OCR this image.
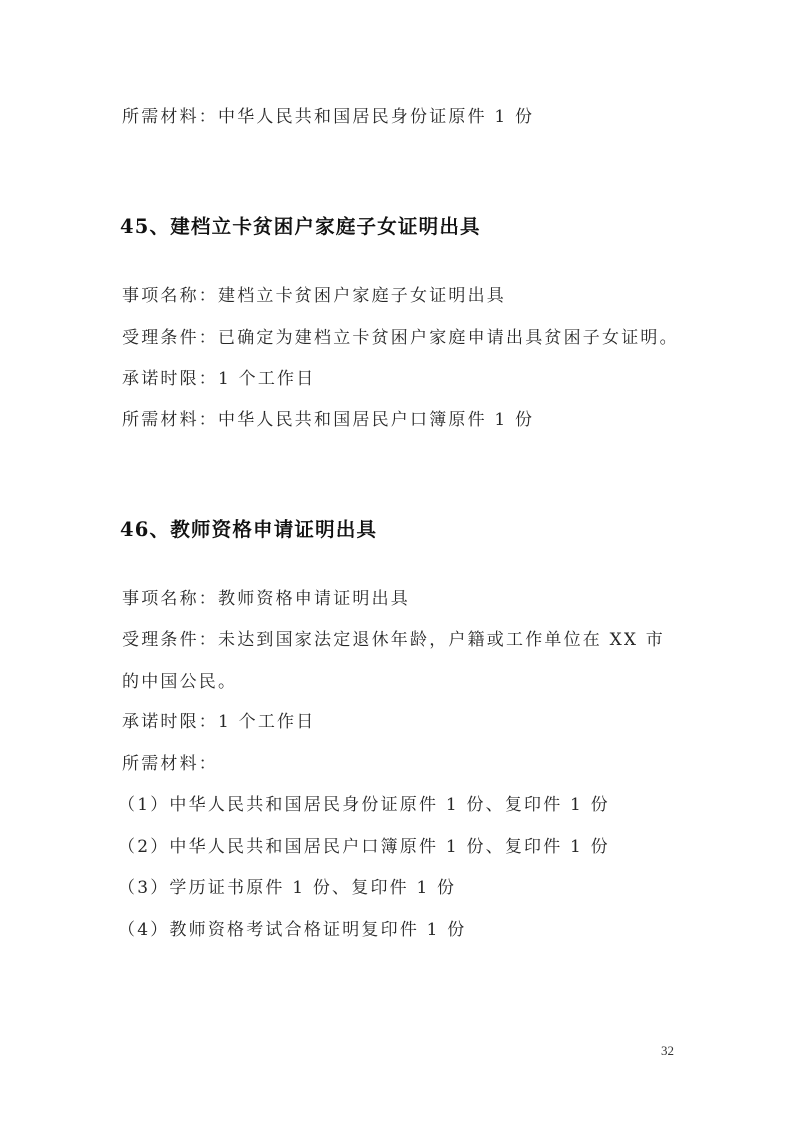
所需材料：中华人民共和国居民身份证原件 1 份
45、建档立卡贫困户家庭子女证明出具
事项名称：建档立卡贫困户家庭子女证明出具
受理条件：已确定为建档立卡贫困户家庭申请出具贫困子女证明。
承诺时限：1 个工作日
所需材料：中华人民共和国居民户口簿原件 1 份
46、教师资格申请证明出具
事项名称：教师资格申请证明出具
受理条件：未达到国家法定退休年龄，户籍或工作单位在 XX 市
的中国公民。
承诺时限：1 个工作日
所需材料：
（1）中华人民共和国居民身份证原件 1 份、复印件 1 份
（2）中华人民共和国居民户口簿原件 1 份、复印件 1 份
（3）学历证书原件 1 份、复印件 1 份
（4）教师资格考试合格证明复印件 1 份
32
